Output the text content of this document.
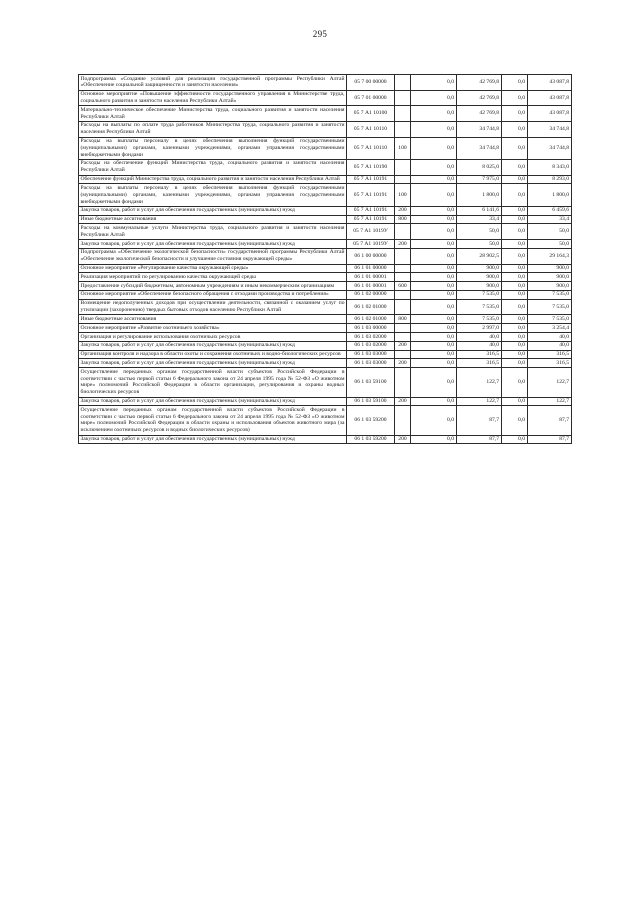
295
Подпрограмма «Создание условий для реализации государственной программы Республики Алтай «Обеспечение социальной защищенности и занятости населения»	05 7 00 00000		0,0	42 769,8	0,0	43 087,8
Основное мероприятие «Повышение эффективности государственного управления в Министерстве труда, социального развития и занятости населения Республики Алтай»	05 7 01 00000		0,0	42 769,8	0,0	43 087,8
Материально-техническое обеспечение Министерства труда, социального развития и занятости населения Республики Алтай	05 7 А1 10100		0,0	42 769,8	0,0	43 087,8
Расходы на выплаты по оплате труда работников Министерства труда, социального развития и занятости населения Республики Алтай	05 7 А1 10110		0,0	34 744,8	0,0	34 744,8
Расходы на выплаты персоналу в целях обеспечения выполнения функций государственными (муниципальными) органами, казенными учреждениями, органами управления государственными внебюджетными фондами	05 7 А1 10110	100	0,0	34 744,8	0,0	34 744,8
Расходы на обеспечение функций Министерства труда, социального развития и занятости населения Республики Алтай	05 7 А1 10190		0,0	8 025,0	0,0	8 343,0
Обеспечение функций Министерства труда, социального развития и занятости населения Республики Алтай	05 7 А1 10191		0,0	7 975,0	0,0	8 293,0
Расходы на выплаты персоналу в целях обеспечения выполнения функций государственными (муниципальными) органами, казенными учреждениями, органами управления государственными внебюджетными фондами	05 7 А1 10191	100	0,0	1 800,0	0,0	1 800,0
Закупка товаров, работ и услуг для обеспечения государственных (муниципальных) нужд	05 7 А1 10191	200	0,0	6 141,6	0,0	6 459,6
Иные бюджетные ассигнования	05 7 А1 10191	800	0,0	33,4	0,0	33,4
Расходы на коммунальные услуги Министерства труда, социального развития и занятости населения Республики Алтай	05 7 А1 1019У		0,0	50,0	0,0	50,0
Закупка товаров, работ и услуг для обеспечения государственных (муниципальных) нужд	05 7 А1 1019У	200	0,0	50,0	0,0	50,0
Подпрограмма «Обеспечение экологической безопасности» государственной программы Республики Алтай «Обеспечение экологической безопасности и улучшение состояния окружающей среды»	06 1 00 00000		0,0	28 902,5	0,0	29 164,3
Основное мероприятие «Регулирование качества окружающей среды»	06 1 01 00000		0,0	900,0	0,0	900,0
Реализация мероприятий по регулированию качества окружающей среды	06 1 01 00001		0,0	900,0	0,0	900,0
Предоставление субсидий бюджетным, автономным учреждениям и иным некоммерческим организациям	06 1 01 00001	600	0,0	900,0	0,0	900,0
Основное мероприятие «Обеспечение безопасного обращения с отходами производства и потребления»	06 1 02 00000		0,0	7 535,0	0,0	7 535,0
Возмещение недополученных доходов при осуществлении деятельности, связанной с оказанием услуг по утилизации (захоронению) твердых бытовых отходов населению Республики Алтай	06 1 02 01000		0,0	7 535,0	0,0	7 535,0
Иные бюджетные ассигнования	06 1 02 01000	800	0,0	7 535,0	0,0	7 535,0
Основное мероприятие «Развитие охотничьего хозяйства»	06 1 03 00000		0,0	2 997,0	0,0	3 254,4
Организация и регулирование использования охотничьих ресурсов	06 1 03 02000		0,0	40,0	0,0	40,0
Закупка товаров, работ и услуг для обеспечения государственных (муниципальных) нужд	06 1 03 02000	200	0,0	40,0	0,0	40,0
Организация контроля и надзора в области охоты и сохранения охотничьих и водно-биологических ресурсов	06 1 03 03000		0,0	316,5	0,0	316,5
Закупка товаров, работ и услуг для обеспечения государственных (муниципальных) нужд	06 1 03 03000	200	0,0	316,5	0,0	316,5
Осуществление переданных органам государственной власти субъектов Российской Федерации в соответствии с частью первой статьи 6 Федерального закона от 24 апреля 1995 года № 52-ФЗ «О животном мире» полномочий Российской Федерации в области организации, регулирования и охраны водных биологических ресурсов	06 1 03 59100		0,0	122,7	0,0	122,7
Закупка товаров, работ и услуг для обеспечения государственных (муниципальных) нужд	06 1 03 59100	200	0,0	122,7	0,0	122,7
Осуществление переданных органам государственной власти субъектов Российской Федерации в соответствии с частью первой статьи 6 Федерального закона от 24 апреля 1995 года № 52-ФЗ «О животном мире» полномочий Российской Федерации в области охраны и использования объектов животного мира (за исключением охотничьих ресурсов и водных биологических ресурсов)	06 1 03 59200		0,0	87,7	0,0	87,7
Закупка товаров, работ и услуг для обеспечения государственных (муниципальных) нужд	06 1 03 59200	200	0,0	87,7	0,0	87,7
